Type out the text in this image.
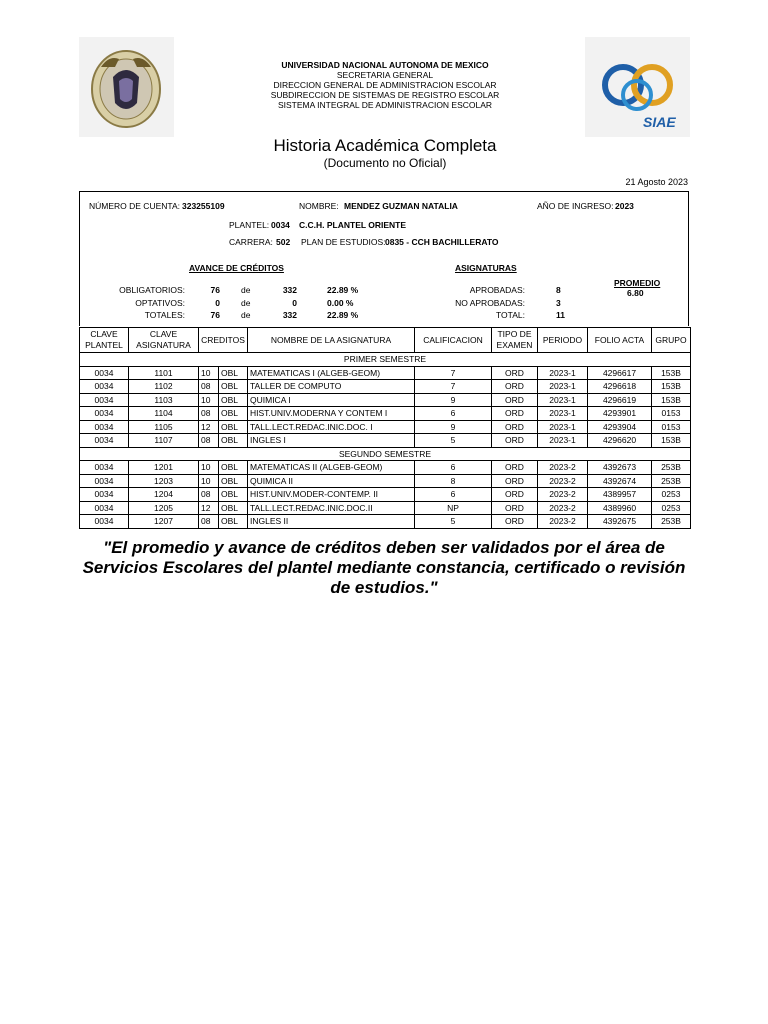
SIAE
UNIVERSIDAD NACIONAL AUTONOMA DE MEXICO
SECRETARIA GENERAL
DIRECCION GENERAL DE ADMINISTRACION ESCOLAR
SUBDIRECCION DE SISTEMAS DE REGISTRO ESCOLAR
SISTEMA INTEGRAL DE ADMINISTRACION ESCOLAR
Historia Académica Completa
(Documento no Oficial)
21 Agosto 2023
NÚMERO DE CUENTA: 323255109	NOMBRE: MENDEZ GUZMAN NATALIA	AÑO DE INGRESO: 2023
PLANTEL: 0034 C.C.H. PLANTEL ORIENTE
CARRERA: 502 PLAN DE ESTUDIOS: 0835 - CCH BACHILLERATO
AVANCE DE CRÉDITOS	ASIGNATURAS
PROMEDIO
6.80
OBLIGATORIOS:	76 de	332	22.89 %
OPTATIVOS:	0 de	0	0.00 %
TOTALES:	76 de	332	22.89 %
APROBADAS:	8
NO APROBADAS:	3
TOTAL:	11
CLAVE PLANTEL	CLAVE ASIGNATURA	CREDITOS		NOMBRE DE LA ASIGNATURA	CALIFICACION	TIPO DE EXAMEN	PERIODO	FOLIO ACTA	GRUPO
PRIMER SEMESTRE									
0034	1101	10	OBL	MATEMATICAS I (ALGEB-GEOM)	7	ORD	2023-1	4296617	153B
0034	1102	08	OBL	TALLER DE COMPUTO	7	ORD	2023-1	4296618	153B
0034	1103	10	OBL	QUIMICA I	9	ORD	2023-1	4296619	153B
0034	1104	08	OBL	HIST.UNIV.MODERNA Y CONTEM I	6	ORD	2023-1	4293901	0153
0034	1105	12	OBL	TALL.LECT.REDAC.INIC.DOC. I	9	ORD	2023-1	4293904	0153
0034	1107	08	OBL	INGLES I	5	ORD	2023-1	4296620	153B
SEGUNDO SEMESTRE									
0034	1201	10	OBL	MATEMATICAS II (ALGEB-GEOM)	6	ORD	2023-2	4392673	253B
0034	1203	10	OBL	QUIMICA II	8	ORD	2023-2	4392674	253B
0034	1204	08	OBL	HIST.UNIV.MODER-CONTEMP. II	6	ORD	2023-2	4389957	0253
0034	1205	12	OBL	TALL.LECT.REDAC.INIC.DOC.II	NP	ORD	2023-2	4389960	0253
0034	1207	08	OBL	INGLES II	5	ORD	2023-2	4392675	253B
"El promedio y avance de créditos deben ser validados por el área de Servicios Escolares del plantel mediante constancia, certificado o revisión de estudios."
